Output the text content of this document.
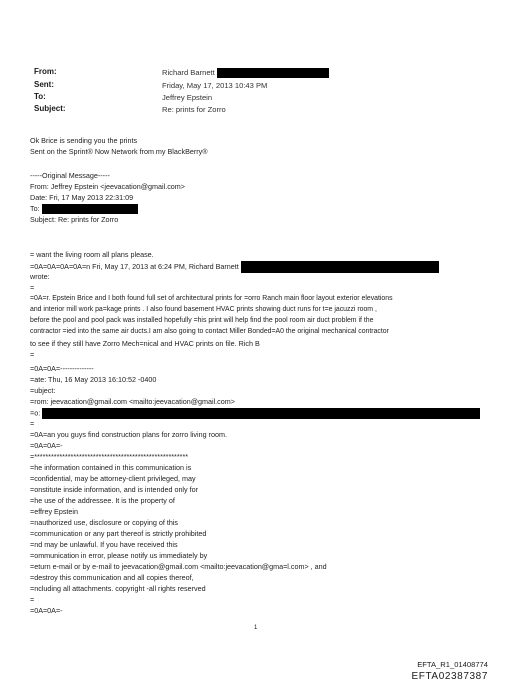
From:	Richard Barnett
Sent:	Friday, May 17, 2013 10:43 PM
To:	Jeffrey Epstein
Subject:	Re: prints for Zorro
Ok Brice is sending you the prints
Sent on the Sprint® Now Network from my BlackBerry®
-----Original Message-----
From: Jeffrey Epstein <jeevacation@gmail.com>
Date: Fri, 17 May 2013 22:31:09
To:
Subject: Re: prints for Zorro
= want the living room all plans please.
=0A=0A=0A=0A=n Fri, May 17, 2013 at 6:24 PM, Richard Barnett
wrote:
=
=0A=r. Epstein Brice and I both found full set of architectural prints for =orro Ranch main floor layout exterior elevations
and interior mill work pa=kage prints . I also found basement HVAC prints showing duct runs for t=e jacuzzi room ,
before the pool and pool pack was installed hopefully =his print will help find the pool room air duct problem if the
contractor =ied into the same air ducts.I am also going to contact Miller Bonded=A0 the original mechanical contractor
to see if they still have Zorro Mech=nical and HVAC prints on file. Rich B
=
=0A=0A=--------------
=ate: Thu, 16 May 2013 16:10:52 -0400
=ubject:
=rom: jeevacation@gmail.com <mailto:jeevacation@gmail.com>
=o:
=
=0A=an you guys find construction plans for zorro living room.
=0A=0A=-
=*******************************************************
=he information contained in this communication is
=confidential, may be attorney-client privileged, may
=onstitute inside information, and is intended only for
=he use of the addressee. It is the property of
=effrey Epstein
=nauthorized use, disclosure or copying of this
=communication or any part thereof is strictly prohibited
=nd may be unlawful. If you have received this
=ommunication in error, please notify us immediately by
=eturn e-mail or by e-mail to jeevacation@gmail.com <mailto:jeevacation@gma=l.com> , and
=destroy this communication and all copies thereof,
=ncluding all attachments. copyright -all rights reserved
=
=0A=0A=-
1
EFTA_R1_01408774
EFTA02387387
